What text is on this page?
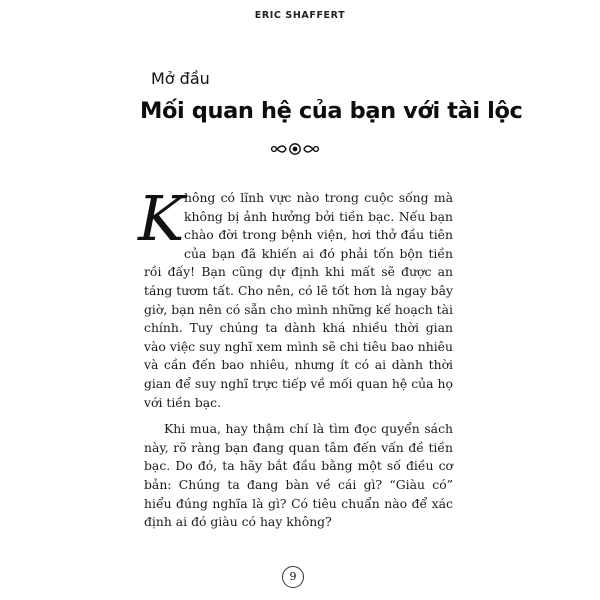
ERIC SHAFFERT
Mở đầu
Mối quan hệ của bạn với tài lộc

Không có lĩnh vực nào trong cuộc sống mà không bị ảnh hưởng bởi tiền bạc. Nếu bạn chào đời trong bệnh viện, hơi thở đầu tiên của bạn đã khiến ai đó phải tốn bộn tiền rồi đấy! Bạn cũng dự định khi mất sẽ được an táng tươm tất. Cho nên, có lẽ tốt hơn là ngay bây giờ, bạn nên có sẵn cho mình những kế hoạch tài chính. Tuy chúng ta dành khá nhiều thời gian vào việc suy nghĩ xem mình sẽ chi tiêu bao nhiêu và cần đến bao nhiêu, nhưng ít có ai dành thời gian để suy nghĩ trực tiếp về mối quan hệ của họ với tiền bạc.

Khi mua, hay thậm chí là tìm đọc quyển sách này, rõ ràng bạn đang quan tâm đến vấn đề tiền bạc. Do đó, ta hãy bắt đầu bằng một số điều cơ bản: Chúng ta đang bàn về cái gì? “Giàu có” hiểu đúng nghĩa là gì? Có tiêu chuẩn nào để xác định ai đó giàu có hay không?

9
